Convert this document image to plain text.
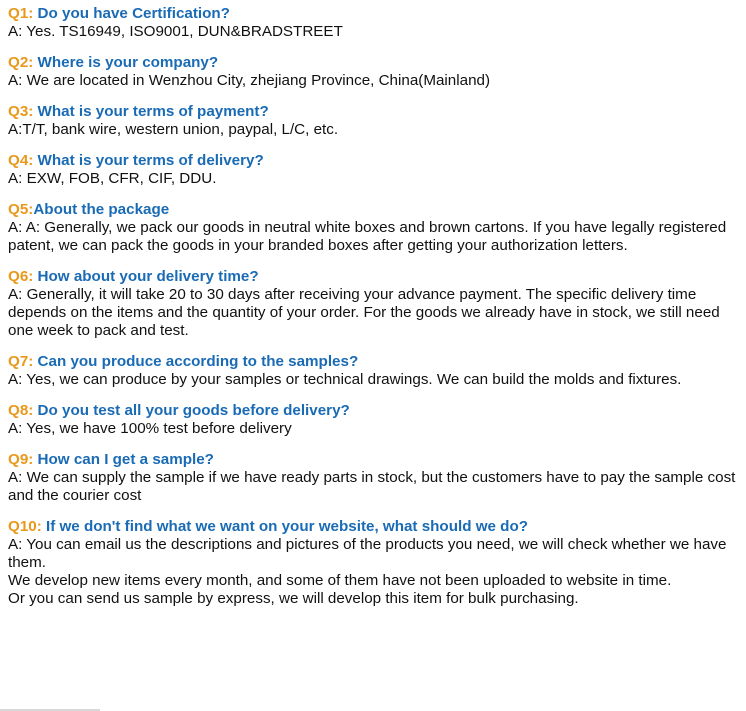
Q1: Do you have Certification?

A: Yes. TS16949, ISO9001, DUN&BRADSTREET

Q2: Where is your company?

A: We are located in Wenzhou City, zhejiang Province, China(Mainland)

Q3: What is your terms of payment?

A:T/T, bank wire, western union, paypal, L/C, etc.

Q4: What is your terms of delivery?

A: EXW, FOB, CFR, CIF, DDU.

Q5:About the package

A: A: Generally, we pack our goods in neutral white boxes and brown cartons. If you have legally registered patent, we can pack the goods in your branded boxes after getting your authorization letters.

Q6: How about your delivery time?

A: Generally, it will take 20 to 30 days after receiving your advance payment. The specific delivery time depends on the items and the quantity of your order. For the goods we already have in stock, we still need one week to pack and test.

Q7: Can you produce according to the samples?

A: Yes, we can produce by your samples or technical drawings. We can build the molds and fixtures.

Q8: Do you test all your goods before delivery?

A: Yes, we have 100% test before delivery

Q9: How can I get a sample?

A: We can supply the sample if we have ready parts in stock, but the customers have to pay the sample cost and the courier cost

Q10: If we don't find what we want on your website, what should we do?

A: You can email us the descriptions and pictures of the products you need, we will check whether we have them.

We develop new items every month, and some of them have not been uploaded to website in time.

Or you can send us sample by express, we will develop this item for bulk purchasing.
